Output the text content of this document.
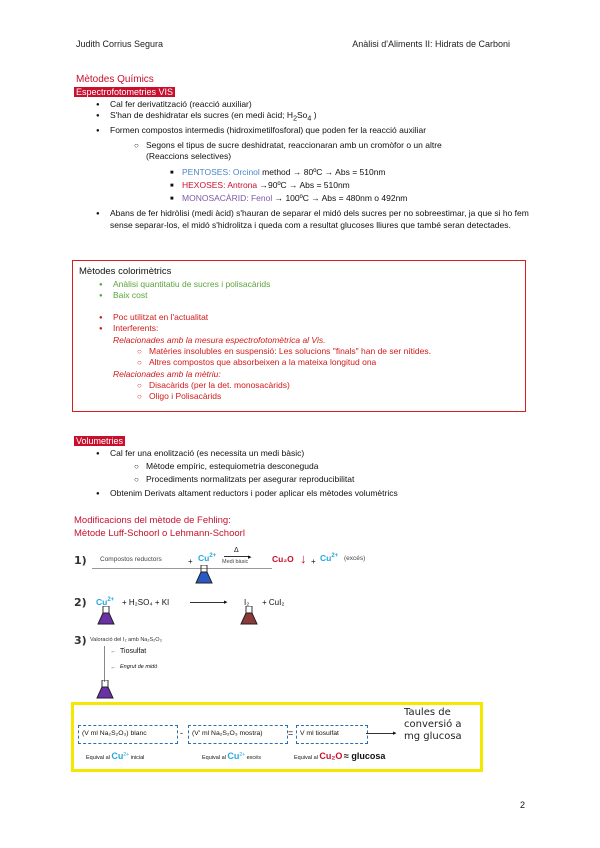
Judith Corrius Segura	Anàlisi d'Aliments II: Hidrats de Carboni
Mètodes Químics
Espectrofotometries VIS
● Cal fer derivatització (reacció auxiliar)
● S'han de deshidratar els sucres (en medi àcid; $H_2So_4$ )
● Formen compostos intermedis (hidroximetilfosforal) que poden fer la reacció auxiliar
○ Segons el tipus de sucre deshidratat, reaccionaran amb un cromòfor o un altre
(Reaccions selectives)
■ PENTOSES: Orcinol method → 80ºC → Abs = 510nm
■ HEXOSES: Antrona →90ºC → Abs = 510nm
■ MONOSACÀRID: Fenol → 100ºC → Abs = 480nm o 492nm
● Abans de fer hidròlisi (medi àcid) s'hauran de separar el midó dels sucres per no sobreestimar, ja que si ho fem sense separar-los, el midó s'hidrolitza i queda com a resultat glucoses lliures que també seran detectades.
Mètodes colorimètrics
● Anàlisi quantitatiu de sucres i polisacàrids
● Baix cost
● Poc utilitzat en l'actualitat
● Interferents:
Relacionades amb la mesura espectrofotomètrica al Vis.
○ Matèries insolubles en suspensió: Les solucions "finals" han de ser nítides.
○ Altres compostos que absorbeixen a la mateixa longitud ona
Relacionades amb la mètriu:
○ Disacàrids (per la det. monosacàrids)
○ Oligo i Polisacàrids
Volumetries
● Cal fer una enolització (es necessita un medi bàsic)
○ Mètode empíric, estequiometria desconeguda
○ Procediments normalitzats per asegurar reproducibilitat
● Obtenim Derivats altament reductors i poder aplicar els mètodes volumètrics
Modificacions del mètode de Fehling:
Mètode Luff-Schoorl o Lehmann-Schoorl
1) Compostos reductors	+ $Cu^{2+}$
Δ
▸
Medi bàsic	Cu₂O ↓ + $Cu^{2+}$ (excés)
2) $Cu^{2+} + H_2SO_4$ + KI	▸ I₂ + CuI₂
3) Valoració del I₂ amb Na₂S₂O₃
← Tiosulfat
← Engrut de midó
(V ml Na₂S₂O₃) blanc	- (V' ml Na₂S₂O₃ mostra)	= V ml tiosulfat	▸
Taules de conversió a mg glucosa
Equival al $Cu^{2+}$ inicial	Equival al $Cu^{2+}$ excés	Equival al Cu₂O ≈ glucosa
2
